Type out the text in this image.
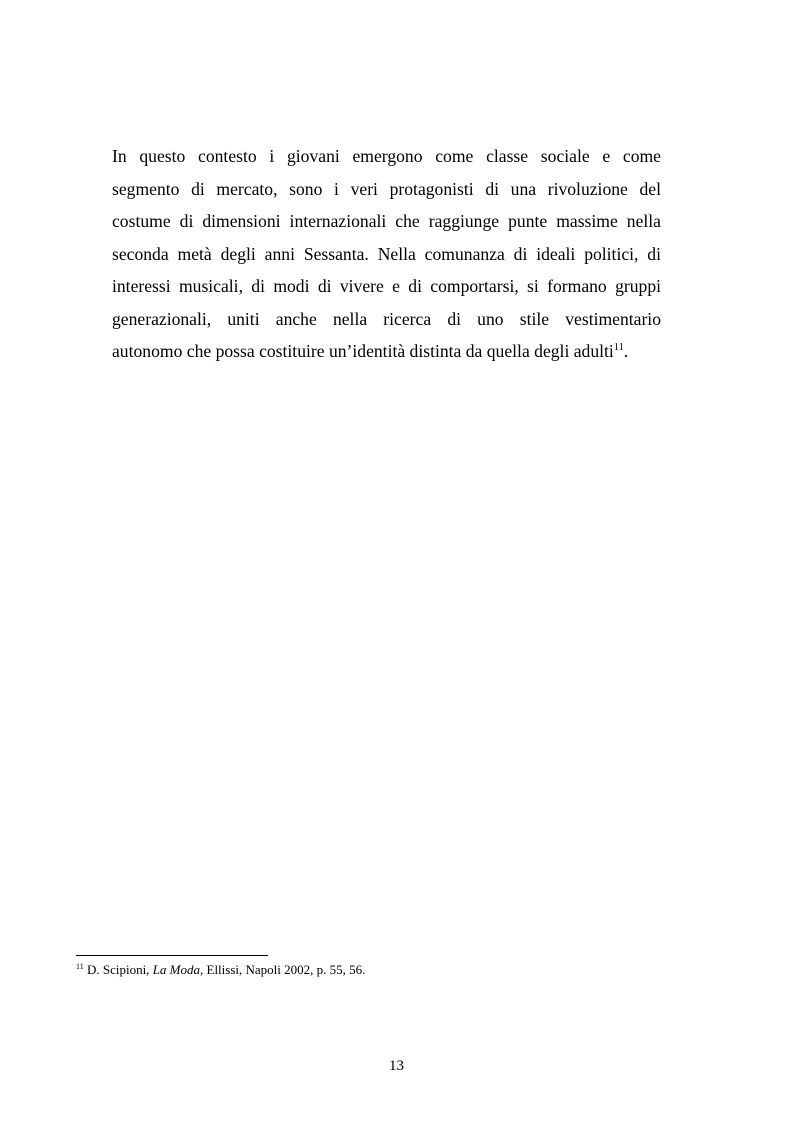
In questo contesto i giovani emergono come classe sociale e come
segmento di mercato, sono i veri protagonisti di una rivoluzione del
costume di dimensioni internazionali che raggiunge punte massime nella
seconda metà degli anni Sessanta. Nella comunanza di ideali politici, di
interessi musicali, di modi di vivere e di comportarsi, si formano gruppi
generazionali, uniti anche nella ricerca di uno stile vestimentario
autonomo che possa costituire un’identità distinta da quella degli adulti$^{11}$.
$^{11}$ D. Scipioni, La Moda, Ellissi, Napoli 2002, p. 55, 56.
13
